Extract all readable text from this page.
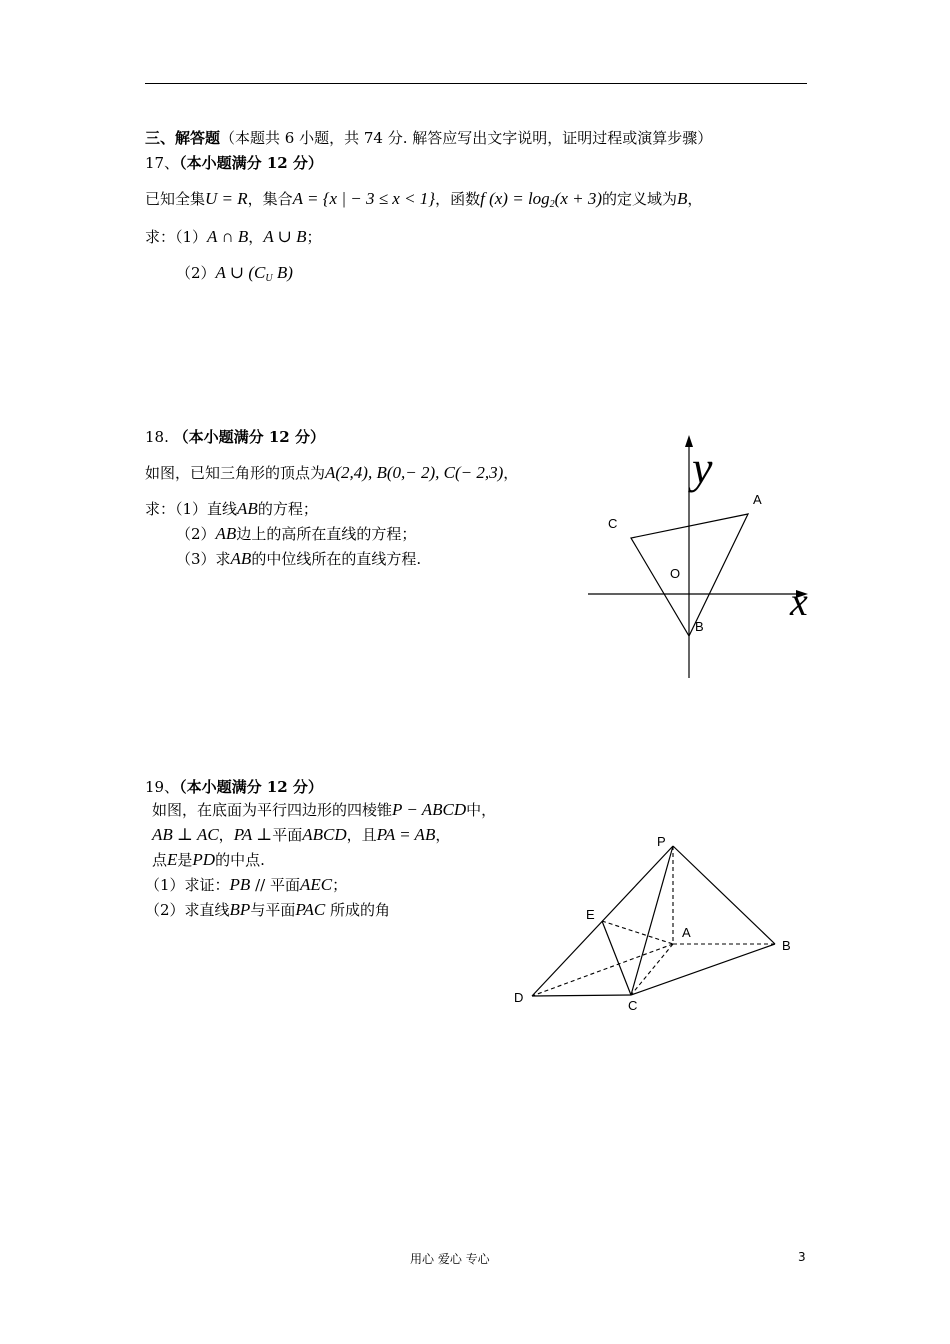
三、解答题（本题共 6 小题，共 74 分. 解答应写出文字说明，证明过程或演算步骤）
17、（本小题满分 12 分）
已知全集U = R，集合A = {x | − 3 ≤ x < 1}，函数f $(x) = \log_2(x + 3)$的定义域为B，
求：（1）A ∩ B，A ∪ B；
（2）A ∪ ($C_U$ B)
18. （本小题满分 12 分）
如图，已知三角形的顶点为A(2,4), B(0,− 2), C(− 2,3)，
求：（1）直线AB的方程；
（2）AB边上的高所在直线的方程；
（3）求AB的中位线所在的直线方程.
y
x
A
B
C
O
19、（本小题满分 12 分）
如图，在底面为平行四边形的四棱锥P − ABCD中，
AB ⊥ AC，PA ⊥平面ABCD，且PA = AB，
点E是PD的中点.
（1）求证：PB // 平面AEC；
（2）求直线BP与平面PAC 所成的角
P
E
A
B
C
D
用心 爱心 专心	3
